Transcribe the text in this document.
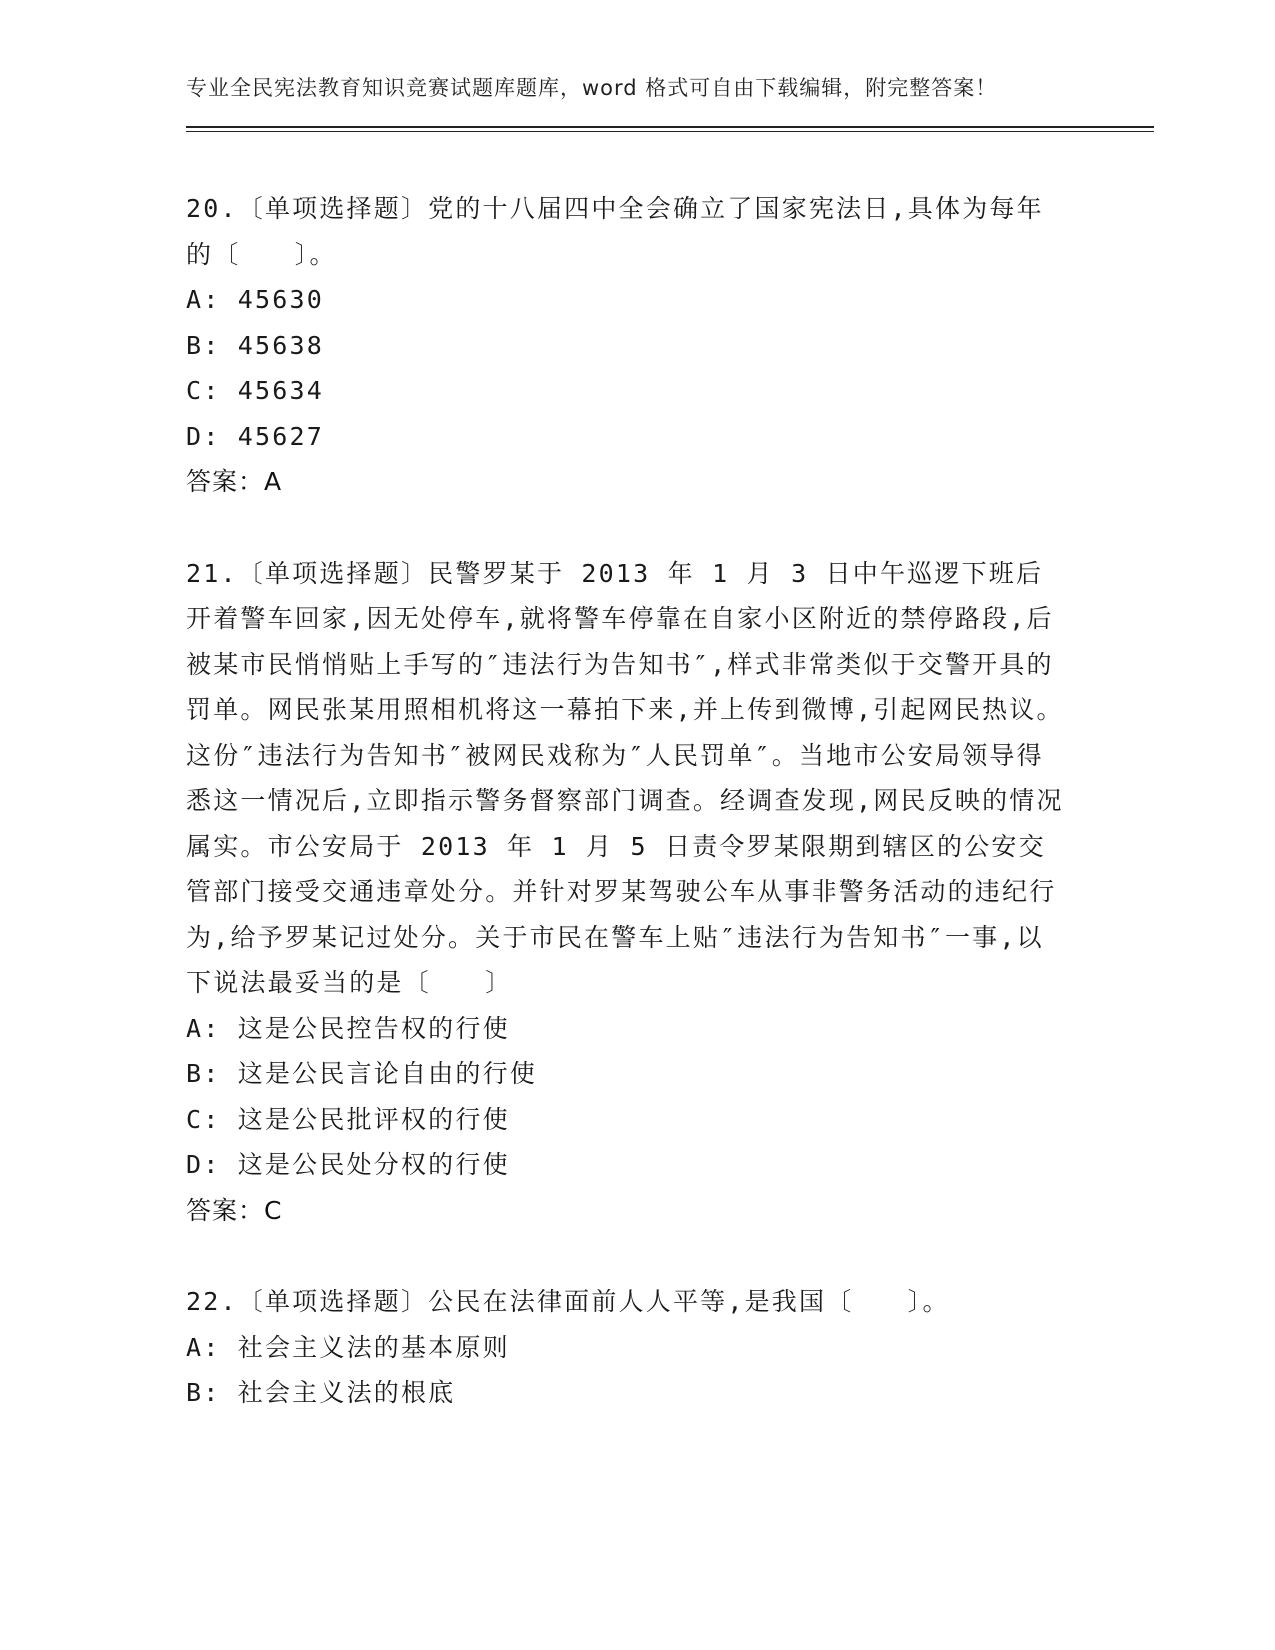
专业全民宪法教育知识竞赛试题库题库，word 格式可自由下载编辑，附完整答案！

20.〔单项选择题〕党的十八届四中全会确立了国家宪法日,具体为每年的〔　　〕。

A: 45630

B: 45638

C: 45634

D: 45627

答案：A

21.〔单项选择题〕民警罗某于 2013 年 1 月 3 日中午巡逻下班后开着警车回家,因无处停车,就将警车停靠在自家小区附近的禁停路段,后被某市民悄悄贴上手写的″违法行为告知书″,样式非常类似于交警开具的罚单。网民张某用照相机将这一幕拍下来,并上传到微博,引起网民热议。这份″违法行为告知书″被网民戏称为″人民罚单″。当地市公安局领导得悉这一情况后,立即指示警务督察部门调查。经调查发现,网民反映的情况属实。市公安局于 2013 年 1 月 5 日责令罗某限期到辖区的公安交管部门接受交通违章处分。并针对罗某驾驶公车从事非警务活动的违纪行为,给予罗某记过处分。关于市民在警车上贴″违法行为告知书″一事,以下说法最妥当的是〔　　〕

A: 这是公民控告权的行使

B: 这是公民言论自由的行使

C: 这是公民批评权的行使

D: 这是公民处分权的行使

答案：C

22.〔单项选择题〕公民在法律面前人人平等,是我国〔　　〕。

A: 社会主义法的基本原则

B: 社会主义法的根底
